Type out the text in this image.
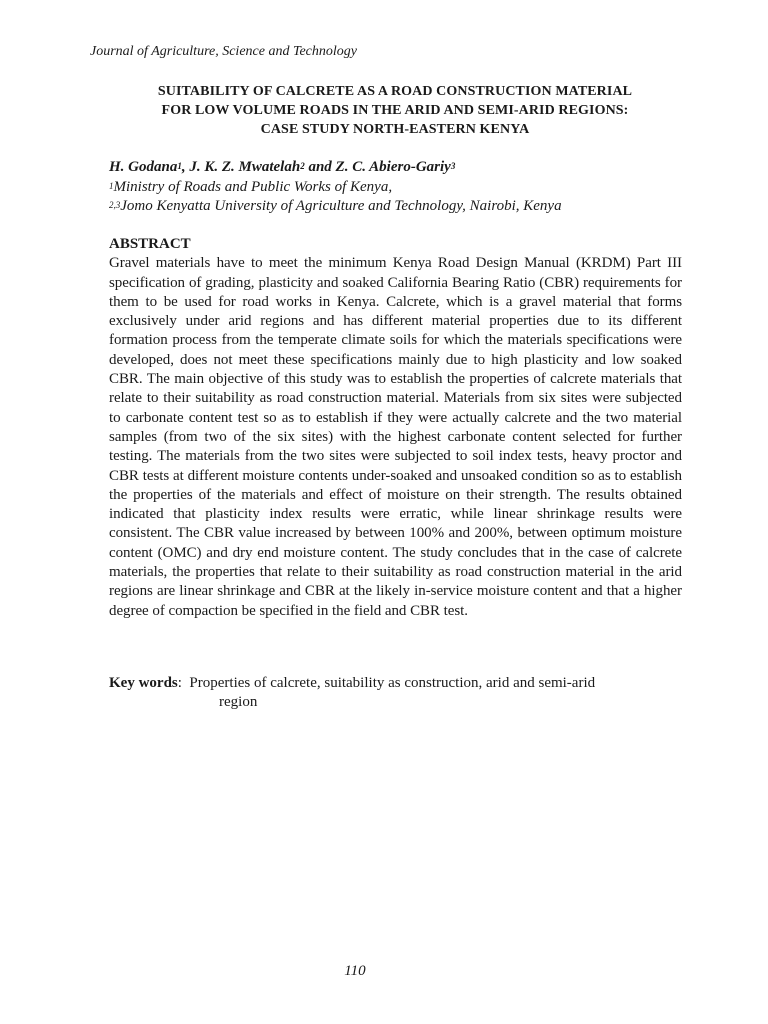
Journal of Agriculture, Science and Technology
SUITABILITY OF CALCRETE AS A ROAD CONSTRUCTION MATERIAL
FOR LOW VOLUME ROADS IN THE ARID AND SEMI-ARID REGIONS:
CASE STUDY NORTH-EASTERN KENYA
H. Godana$^1$, J. K. Z. Mwatelah$^2$ and Z. C. Abiero-Gariy$^3$
$^1$Ministry of Roads and Public Works of Kenya,
$^{2,3}$Jomo Kenyatta University of Agriculture and Technology, Nairobi, Kenya
ABSTRACT
Gravel materials have to meet the minimum Kenya Road Design Manual (KRDM) Part III specification of grading, plasticity and soaked California Bearing Ratio (CBR) requirements for them to be used for road works in Kenya. Calcrete, which is a gravel material that forms exclusively under arid regions and has different material properties due to its different formation process from the temperate climate soils for which the materials specifications were developed, does not meet these specifications mainly due to high plasticity and low soaked CBR. The main objective of this study was to establish the properties of calcrete materials that relate to their suitability as road construction material. Materials from six sites were subjected to carbonate content test so as to establish if they were actually calcrete and the two material samples (from two of the six sites) with the highest carbonate content selected for further testing. The materials from the two sites were subjected to soil index tests, heavy proctor and CBR tests at different moisture contents under-soaked and unsoaked condition so as to establish the properties of the materials and effect of moisture on their strength. The results obtained indicated that plasticity index results were erratic, while linear shrinkage results were consistent. The CBR value increased by between 100% and 200%, between optimum moisture content (OMC) and dry end moisture content. The study concludes that in the case of calcrete materials, the properties that relate to their suitability as road construction material in the arid regions are linear shrinkage and CBR at the likely in-service moisture content and that a higher degree of compaction be specified in the field and CBR test.
Key words:  Properties of calcrete, suitability as construction, arid and semi-arid
region
110
